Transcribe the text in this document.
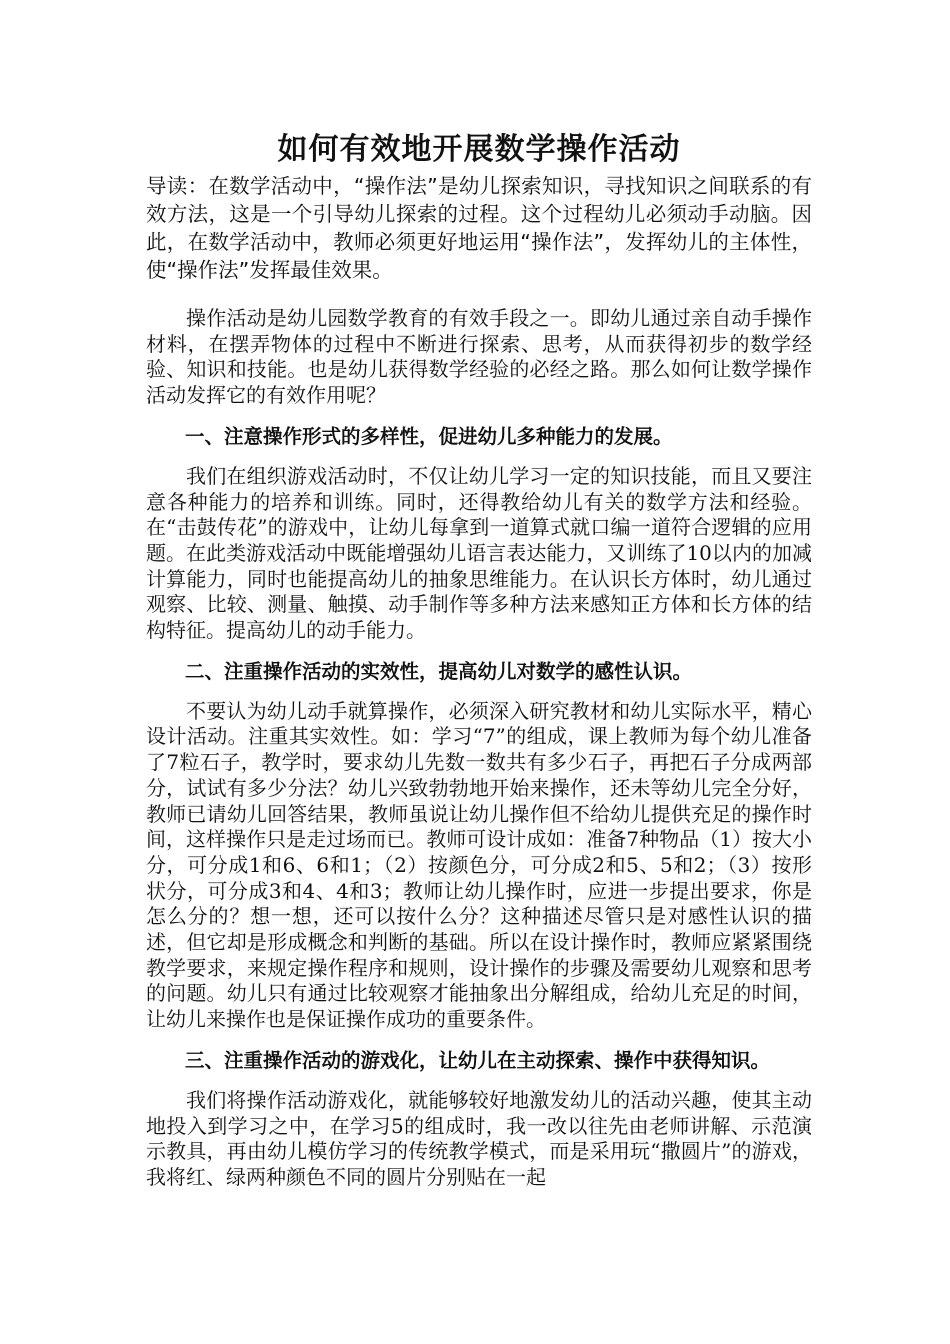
如何有效地开展数学操作活动

导读：在数学活动中，“操作法”是幼儿探索知识，寻找知识之间联系的有效方法，这是一个引导幼儿探索的过程。这个过程幼儿必须动手动脑。因此，在数学活动中，教师必须更好地运用“操作法”，发挥幼儿的主体性，使“操作法”发挥最佳效果。

操作活动是幼儿园数学教育的有效手段之一。即幼儿通过亲自动手操作材料，在摆弄物体的过程中不断进行探索、思考，从而获得初步的数学经验、知识和技能。也是幼儿获得数学经验的必经之路。那么如何让数学操作活动发挥它的有效作用呢？

一、注意操作形式的多样性，促进幼儿多种能力的发展。

我们在组织游戏活动时，不仅让幼儿学习一定的知识技能，而且又要注意各种能力的培养和训练。同时，还得教给幼儿有关的数学方法和经验。在“击鼓传花”的游戏中，让幼儿每拿到一道算式就口编一道符合逻辑的应用题。在此类游戏活动中既能增强幼儿语言表达能力，又训练了10以内的加减计算能力，同时也能提高幼儿的抽象思维能力。在认识长方体时，幼儿通过观察、比较、测量、触摸、动手制作等多种方法来感知正方体和长方体的结构特征。提高幼儿的动手能力。

二、注重操作活动的实效性，提高幼儿对数学的感性认识。

不要认为幼儿动手就算操作，必须深入研究教材和幼儿实际水平，精心设计活动。注重其实效性。如：学习“7”的组成，课上教师为每个幼儿准备了7粒石子，教学时，要求幼儿先数一数共有多少石子，再把石子分成两部分，试试有多少分法？幼儿兴致勃勃地开始来操作，还未等幼儿完全分好，教师已请幼儿回答结果，教师虽说让幼儿操作但不给幼儿提供充足的操作时间，这样操作只是走过场而已。教师可设计成如：准备7种物品（1）按大小分，可分成1和6、6和1；（2）按颜色分，可分成2和5、5和2；（3）按形状分，可分成3和4、4和3；教师让幼儿操作时，应进一步提出要求，你是怎么分的？想一想，还可以按什么分？这种描述尽管只是对感性认识的描述，但它却是形成概念和判断的基础。所以在设计操作时，教师应紧紧围绕教学要求，来规定操作程序和规则，设计操作的步骤及需要幼儿观察和思考的问题。幼儿只有通过比较观察才能抽象出分解组成，给幼儿充足的时间，让幼儿来操作也是保证操作成功的重要条件。

三、注重操作活动的游戏化，让幼儿在主动探索、操作中获得知识。

我们将操作活动游戏化，就能够较好地激发幼儿的活动兴趣，使其主动地投入到学习之中，在学习5的组成时，我一改以往先由老师讲解、示范演示教具，再由幼儿模仿学习的传统教学模式，而是采用玩“撒圆片”的游戏，我将红、绿两种颜色不同的圆片分别贴在一起
